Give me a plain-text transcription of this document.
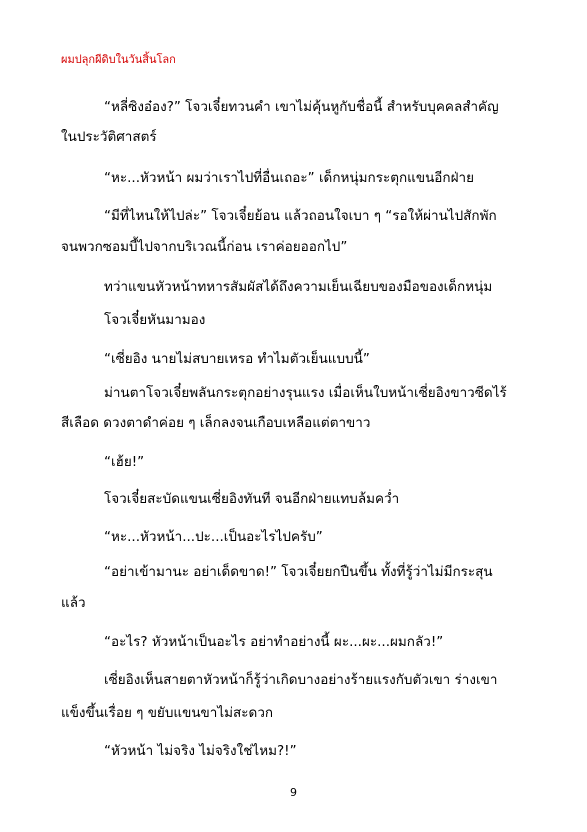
ผมปลุกผีดิบในวันสิ้นโลก
“หลี่ซิงอ๋อง?” โจวเจี๋ยทวนคำ เขาไม่คุ้นหูกับชื่อนี้ สำหรับบุคคลสำคัญ
ในประวัติศาสตร์
“หะ...หัวหน้า ผมว่าเราไปที่อื่นเถอะ” เด็กหนุ่มกระตุกแขนอีกฝ่าย
“มีที่ไหนให้ไปล่ะ” โจวเจี๋ยย้อน แล้วถอนใจเบา ๆ “รอให้ผ่านไปสักพัก
จนพวกซอมบี้ไปจากบริเวณนี้ก่อน เราค่อยออกไป”
ทว่าแขนหัวหน้าทหารสัมผัสได้ถึงความเย็นเฉียบของมือของเด็กหนุ่ม
โจวเจี๋ยหันมามอง
“เซี่ยอิง นายไม่สบายเหรอ ทำไมตัวเย็นแบบนี้”
ม่านตาโจวเจี๋ยพลันกระตุกอย่างรุนแรง เมื่อเห็นใบหน้าเซี่ยอิงขาวซีดไร้
สีเลือด ดวงตาดำค่อย ๆ เล็กลงจนเกือบเหลือแต่ตาขาว
“เฮ้ย!”
โจวเจี๋ยสะบัดแขนเซี่ยอิงทันที จนอีกฝ่ายแทบล้มคว่ำ
“หะ...หัวหน้า...ปะ...เป็นอะไรไปครับ”
“อย่าเข้ามานะ อย่าเด็ดขาด!” โจวเจี๋ยยกปืนขึ้น ทั้งที่รู้ว่าไม่มีกระสุน
แล้ว
“อะไร? หัวหน้าเป็นอะไร อย่าทำอย่างนี้ ผะ...ผะ...ผมกลัว!”
เซี่ยอิงเห็นสายตาหัวหน้าก็รู้ว่าเกิดบางอย่างร้ายแรงกับตัวเขา ร่างเขา
แข็งขึ้นเรื่อย ๆ ขยับแขนขาไม่สะดวก
“หัวหน้า ไม่จริง ไม่จริงใช่ไหม?!”
9
